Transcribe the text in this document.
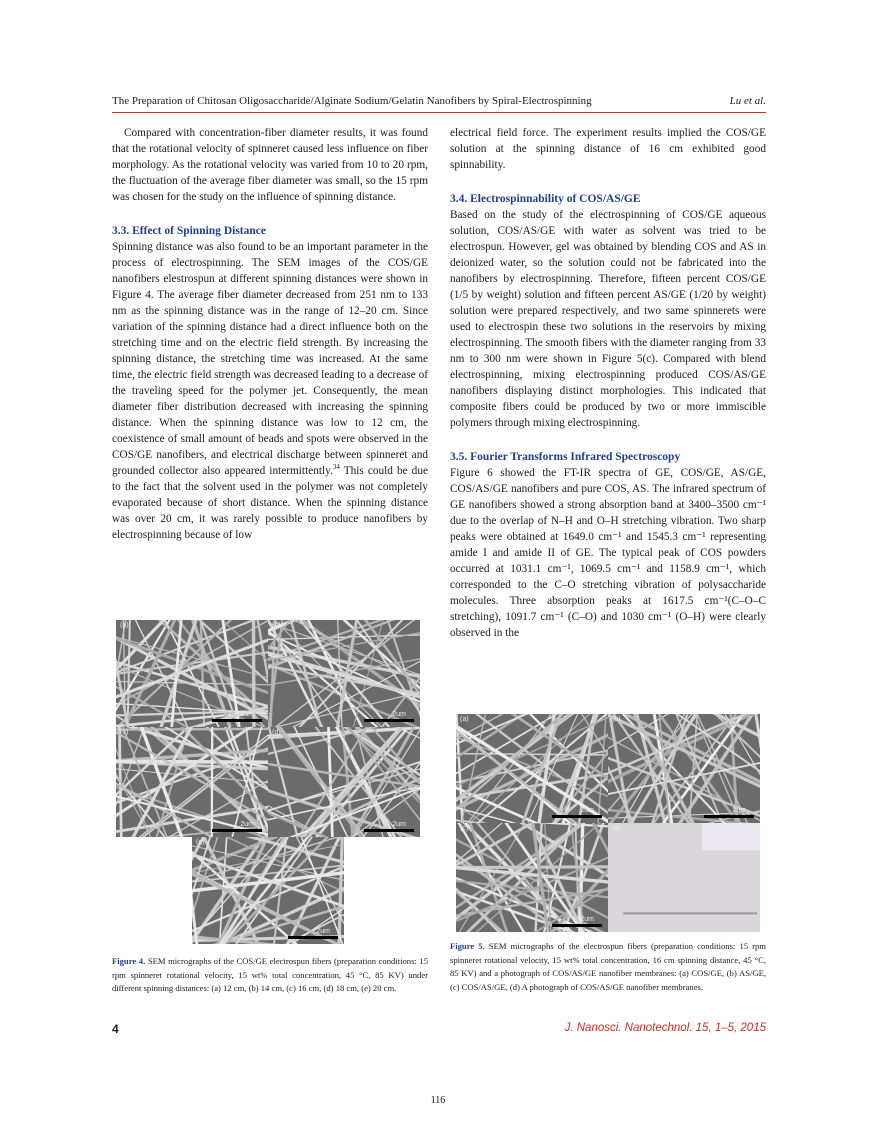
The Preparation of Chitosan Oligosaccharide/Alginate Sodium/Gelatin Nanofibers by Spiral-Electrospinning	Lu et al.

Compared with concentration-fiber diameter results, it was found that the rotational velocity of spinneret caused less influence on fiber morphology. As the rotational velocity was varied from 10 to 20 rpm, the fluctuation of the average fiber diameter was small, so the 15 rpm was chosen for the study on the influence of spinning distance.

3.3. Effect of Spinning Distance

Spinning distance was also found to be an important parameter in the process of electrospinning. The SEM images of the COS/GE nanofibers elestrospun at different spinning distances were shown in Figure 4. The average fiber diameter decreased from 251 nm to 133 nm as the spinning distance was in the range of 12–20 cm. Since variation of the spinning distance had a direct influence both on the stretching time and on the electric field strength. By increasing the spinning distance, the stretching time was increased. At the same time, the electric field strength was decreased leading to a decrease of the traveling speed for the polymer jet. Consequently, the mean diameter fiber distribution decreased with increasing the spinning distance. When the spinning distance was low to 12 cm, the coexistence of small amount of beads and spots were observed in the COS/GE nanofibers, and electrical discharge between spinneret and grounded collector also appeared intermittently.$^{34}$ This could be due to the fact that the solvent used in the polymer was not completely evaporated because of short distance. When the spinning distance was over 20 cm, it was rarely possible to produce nanofibers by electrospinning because of low

electrical field force. The experiment results implied the COS/GE solution at the spinning distance of 16 cm exhibited good spinnability.

3.4. Electrospinnability of COS/AS/GE

Based on the study of the electrospinning of COS/GE aqueous solution, COS/AS/GE with water as solvent was tried to be electrospun. However, gel was obtained by blending COS and AS in deionized water, so the solution could not be fabricated into the nanofibers by electrospinning. Therefore, fifteen percent COS/GE (1/5 by weight) solution and fifteen percent AS/GE (1/20 by weight) solution were prepared respectively, and two same spinnerets were used to electrospin these two solutions in the reservoirs by mixing electrospinning. The smooth fibers with the diameter ranging from 33 nm to 300 nm were shown in Figure 5(c). Compared with blend electrospinning, mixing electrospinning produced COS/AS/GE nanofibers displaying distinct morphologies. This indicated that composite fibers could be produced by two or more immiscible polymers through mixing electrospinning.

3.5. Fourier Transforms Infrared Spectroscopy

Figure 6 showed the FT-IR spectra of GE, COS/GE, AS/GE, COS/AS/GE nanofibers and pure COS, AS. The infrared spectrum of GE nanofibers showed a strong absorption band at 3400–3500 cm⁻¹ due to the overlap of N–H and O–H stretching vibration. Two sharp peaks were obtained at 1649.0 cm⁻¹ and 1545.3 cm⁻¹ representing amide I and amide II of GE. The typical peak of COS powders occurred at 1031.1 cm⁻¹, 1069.5 cm⁻¹ and 1158.9 cm⁻¹, which corresponded to the C–O stretching vibration of polysaccharide molecules. Three absorption peaks at 1617.5 cm⁻¹(C–O–C stretching), 1091.7 cm⁻¹ (C–O) and 1030 cm⁻¹ (O–H) were clearly observed in the

(a)
2um
(b)
2um
(c)
2um
(d)
2um
(e)
2um
Figure 4. SEM micrographs of the COS/GE electrospun fibers (preparation conditions: 15 rpm spinneret rotational velocity, 15 wt% total concentration, 45 °C, 85 KV) under different spinning distances: (a) 12 cm, (b) 14 cm, (c) 16 cm, (d) 18 cm, (e) 20 cm.
(a)
2um
(b)
2um
(c)
2um
(d)
Figure 5. SEM micrographs of the electrospun fibers (preparation conditions: 15 rpm spinneret rotational velocity, 15 wt% total concentration, 16 cm spinning distance, 45 °C, 85 KV) and a photograph of COS/AS/GE nanofiber membranes: (a) COS/GE, (b) AS/GE, (c) COS/AS/GE, (d) A photograph of COS/AS/GE nanofiber membranes.
4	J. Nanosci. Nanotechnol. 15, 1–5, 2015
116
